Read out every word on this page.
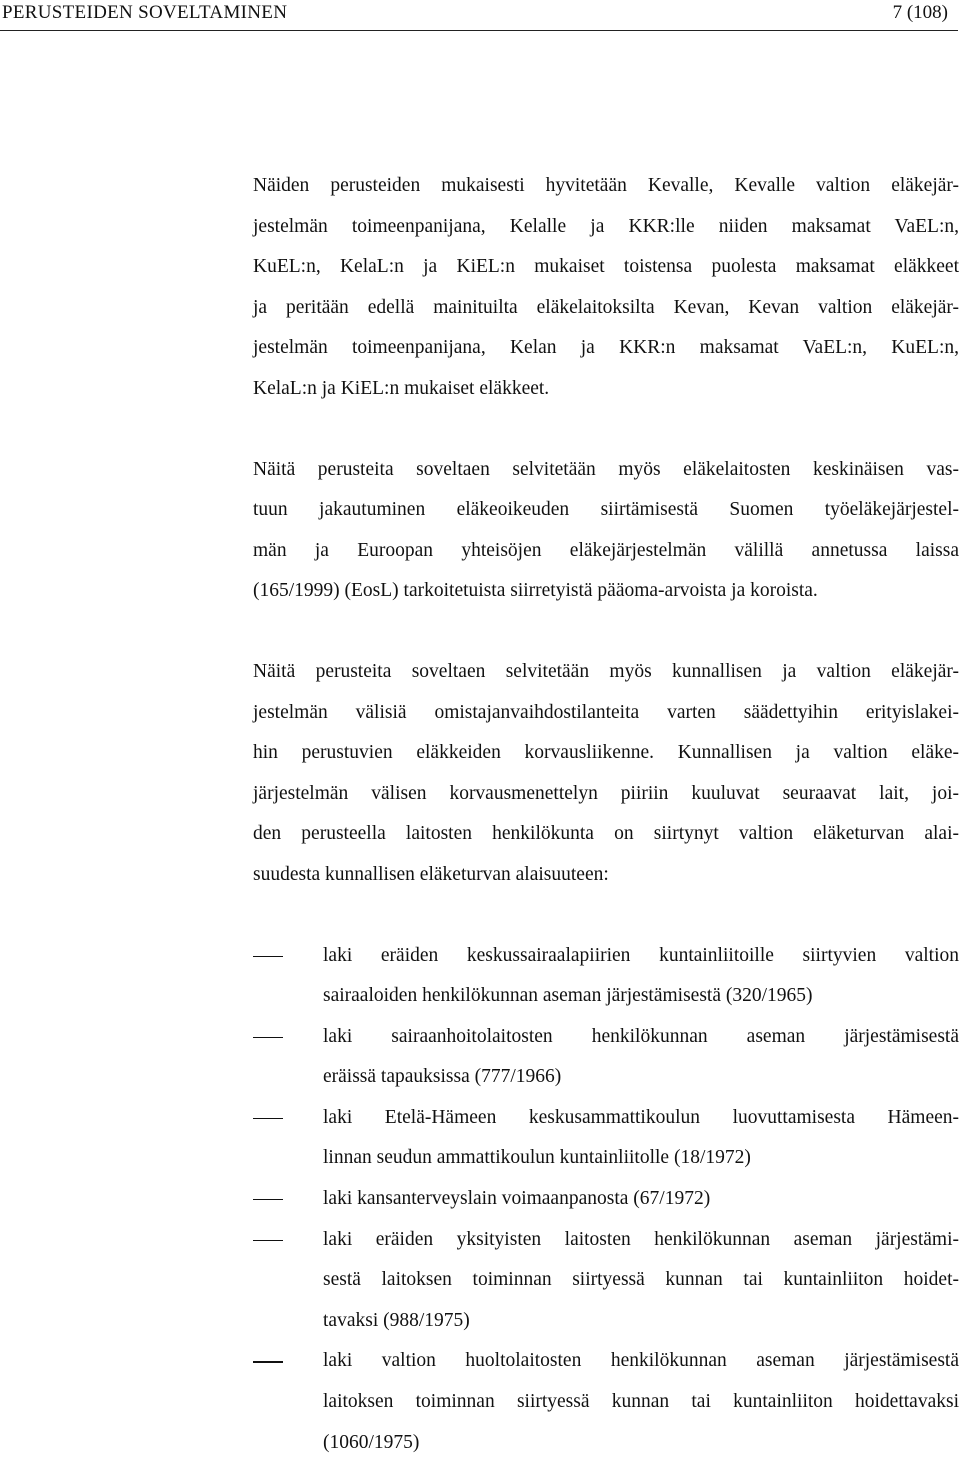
PERUSTEIDEN SOVELTAMINEN	7 (108)
Näiden perusteiden mukaisesti hyvitetään Kevalle, Kevalle valtion eläkejär-
jestelmän toimeenpanijana, Kelalle ja KKR:lle niiden maksamat VaEL:n,
KuEL:n, KelaL:n ja KiEL:n mukaiset toistensa puolesta maksamat eläkkeet
ja peritään edellä mainituilta eläkelaitoksilta Kevan, Kevan valtion eläkejär-
jestelmän toimeenpanijana, Kelan ja KKR:n maksamat VaEL:n, KuEL:n,
KelaL:n ja KiEL:n mukaiset eläkkeet.
Näitä perusteita soveltaen selvitetään myös eläkelaitosten keskinäisen vas-
tuun jakautuminen eläkeoikeuden siirtämisestä Suomen työeläkejärjestel-
män ja Euroopan yhteisöjen eläkejärjestelmän välillä annetussa laissa
(165/1999) (EosL) tarkoitetuista siirretyistä pääoma-arvoista ja koroista.
Näitä perusteita soveltaen selvitetään myös kunnallisen ja valtion eläkejär-
jestelmän välisiä omistajanvaihdostilanteita varten säädettyihin erityislakei-
hin perustuvien eläkkeiden korvausliikenne. Kunnallisen ja valtion eläke-
järjestelmän välisen korvausmenettelyn piiriin kuuluvat seuraavat lait, joi-
den perusteella laitosten henkilökunta on siirtynyt valtion eläketurvan alai-
suudesta kunnallisen eläketurvan alaisuuteen:
laki eräiden keskussairaalapiirien kuntainliitoille siirtyvien valtion
sairaaloiden henkilökunnan aseman järjestämisestä (320/1965)
laki sairaanhoitolaitosten henkilökunnan aseman järjestämisestä
eräissä tapauksissa (777/1966)
laki Etelä-Hämeen keskusammattikoulun luovuttamisesta Hämeen-
linnan seudun ammattikoulun kuntainliitolle (18/1972)
laki kansanterveyslain voimaanpanosta (67/1972)
laki eräiden yksityisten laitosten henkilökunnan aseman järjestämi-
sestä laitoksen toiminnan siirtyessä kunnan tai kuntainliiton hoidet-
tavaksi (988/1975)
laki valtion huoltolaitosten henkilökunnan aseman järjestämisestä
laitoksen toiminnan siirtyessä kunnan tai kuntainliiton hoidettavaksi
(1060/1975)
